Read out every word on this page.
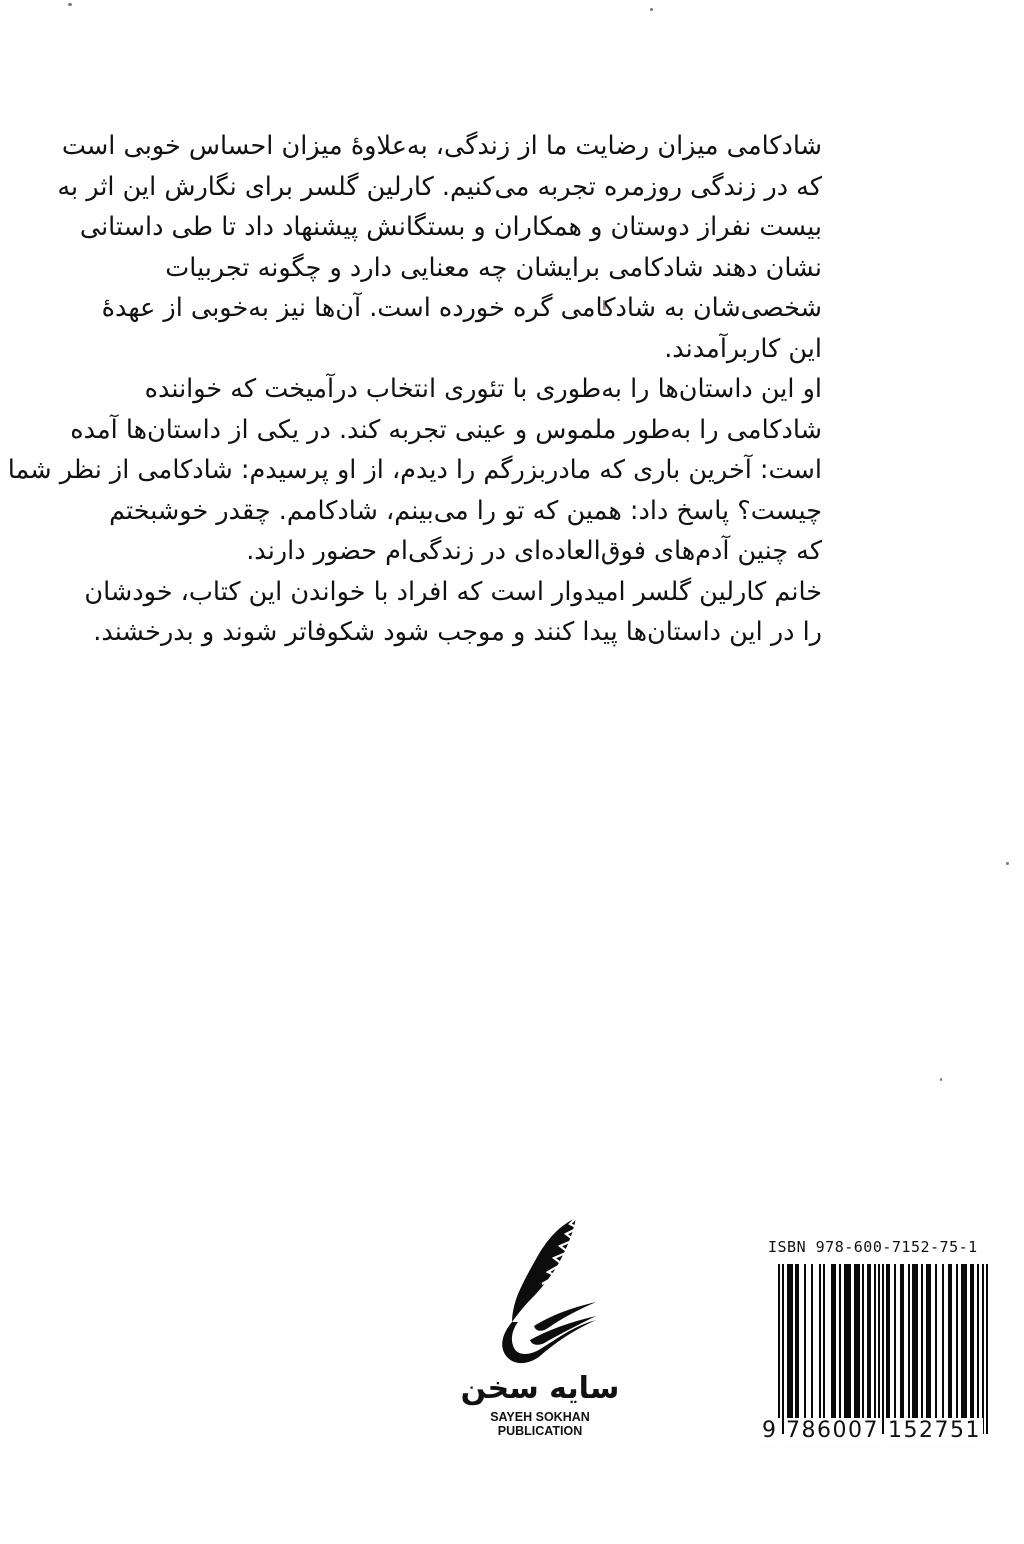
شادکامی میزان رضایت ما از زندگی، به‌علاوهٔ میزان احساس خوبی است
که در زندگی روزمره تجربه می‌کنیم. کارلین گلسر برای نگارش این اثر به
بیست نفراز دوستان و همکاران و بستگانش پیشنهاد داد تا طی داستانی
نشان دهند شادکامی برایشان چه معنایی دارد و چگونه تجربیات
شخصی‌شان به شادکامی گره خورده است. آن‌ها نیز به‌خوبی از عهدهٔ
این کاربرآمدند.

او این داستان‌ها را به‌طوری با تئوری انتخاب درآمیخت که خواننده
شادکامی را به‌طور ملموس و عینی تجربه کند. در یکی از داستان‌ها آمده
است: آخرین باری که مادربزرگم را دیدم، از او پرسیدم: شادکامی از نظر شما
چیست؟ پاسخ داد: همین که تو را می‌بینم، شادکامم. چقدر خوشبختم
که چنین آدم‌های فوق‌العاده‌ای در زندگی‌ام حضور دارند.

خانم کارلین گلسر امیدوار است که افراد با خواندن این کتاب، خودشان
را در این داستان‌ها پیدا کنند و موجب شود شکوفاتر شوند و بدرخشند.

سایه سخن
SAYEH SOKHAN
PUBLICATION
ISBN 978-600-7152-75-1
9 786007 152751
